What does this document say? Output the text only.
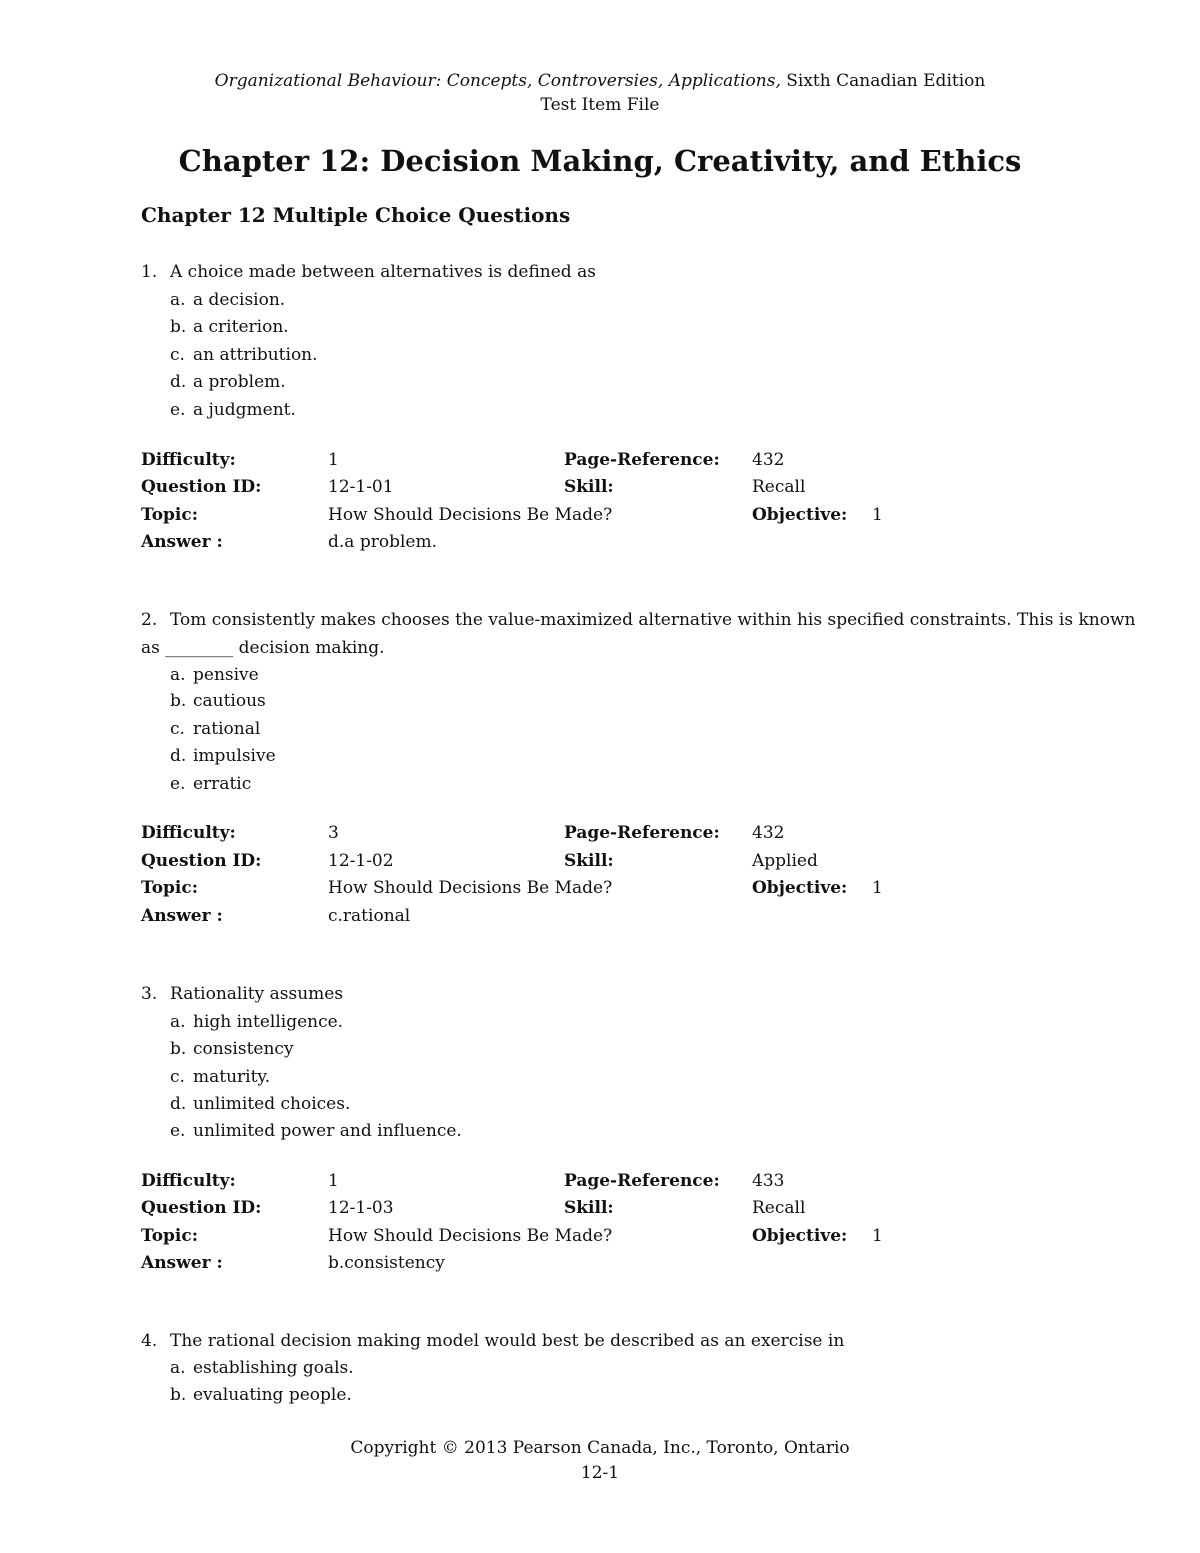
Organizational Behaviour: Concepts, Controversies, Applications, Sixth Canadian Edition
Test Item File
Chapter 12: Decision Making, Creativity, and Ethics
Chapter 12 Multiple Choice Questions
1. A choice made between alternatives is defined as
a. a decision.
b. a criterion.
c. an attribution.
d. a problem.
e. a judgment.
Difficulty:	1	Page-Reference: 432
Question ID:	12-1-01	Skill:	Recall
Topic:	How Should Decisions Be Made?	Objective: 1
Answer :	d.a problem.
2. Tom consistently makes chooses the value-maximized alternative within his specified constraints. This is known
as ________ decision making.
a. pensive
b. cautious
c. rational
d. impulsive
e. erratic
Difficulty:	3	Page-Reference: 432
Question ID:	12-1-02	Skill:	Applied
Topic:	How Should Decisions Be Made?	Objective: 1
Answer :	c.rational
3. Rationality assumes
a. high intelligence.
b. consistency
c. maturity.
d. unlimited choices.
e. unlimited power and influence.
Difficulty:	1	Page-Reference: 433
Question ID:	12-1-03	Skill:	Recall
Topic:	How Should Decisions Be Made?	Objective: 1
Answer :	b.consistency
4. The rational decision making model would best be described as an exercise in
a. establishing goals.
b. evaluating people.
Copyright © 2013 Pearson Canada, Inc., Toronto, Ontario
12-1
